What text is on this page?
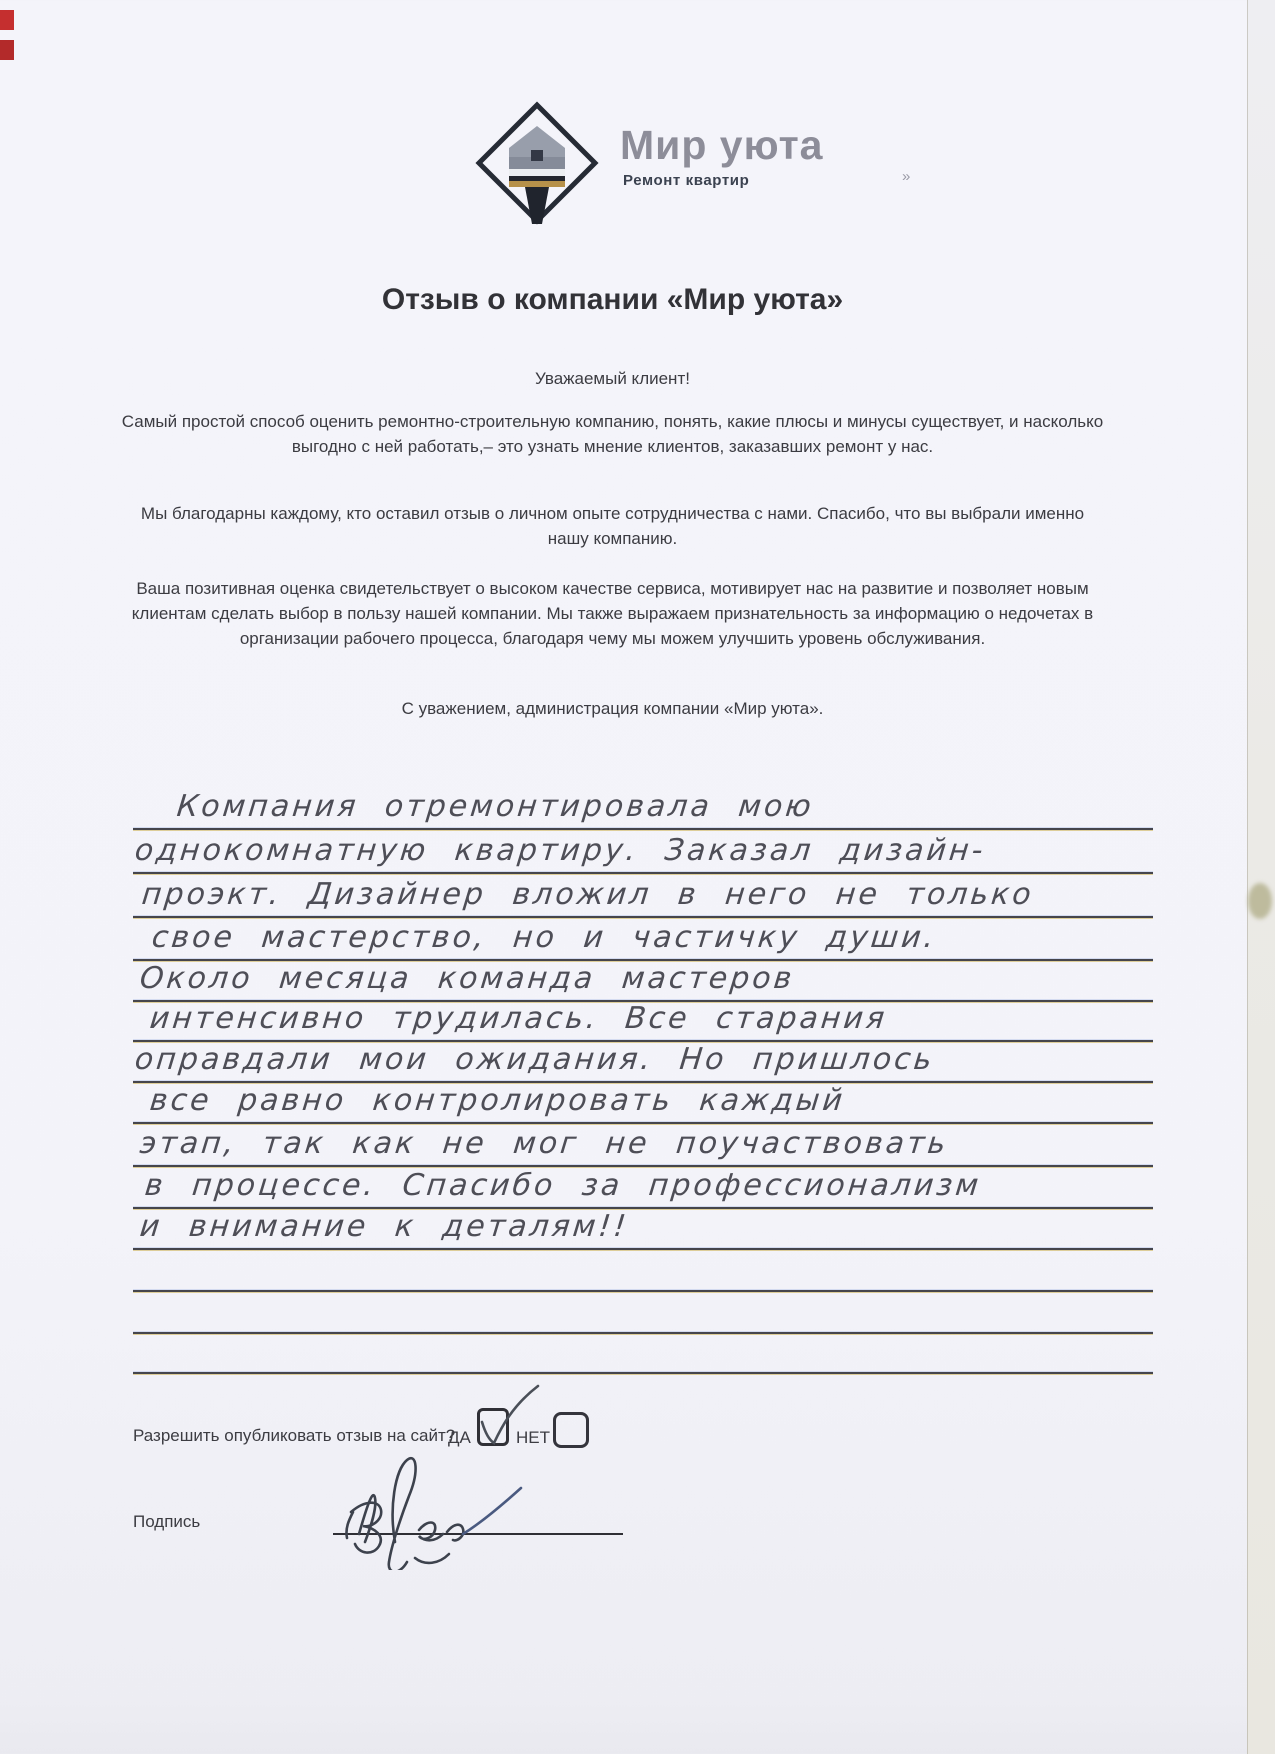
Мир уюта
Ремонт квартир	»
Отзыв о компании «Мир уюта»
Уважаемый клиент!
Самый простой способ оценить ремонтно-строительную компанию, понять, какие плюсы и минусы существует, и насколько выгодно с ней работать,– это узнать мнение клиентов, заказавших ремонт у нас.
Мы благодарны каждому, кто оставил отзыв о личном опыте сотрудничества с нами. Спасибо, что вы выбрали именно нашу компанию.
Ваша позитивная оценка свидетельствует о высоком качестве сервиса, мотивирует нас на развитие и позволяет новым клиентам сделать выбор в пользу нашей компании. Мы также выражаем признательность за информацию о недочетах в организации рабочего процесса, благодаря чему мы можем улучшить уровень обслуживания.
С уважением, администрация компании «Мир уюта».
Компания отремонтировала мою
однокомнатную квартиру. Заказал дизайн-
проэкт. Дизайнер вложил в него не только
свое мастерство, но и частичку души.
Около месяца команда мастеров
интенсивно трудилась. Все старания
оправдали мои ожидания. Но пришлось
все равно контролировать каждый
этап, так как не мог не поучаствовать
в процессе. Спасибо за профессионализм
и внимание к деталям!!
Разрешить опубликовать отзыв на сайт?
ДА	НЕТ
Подпись
